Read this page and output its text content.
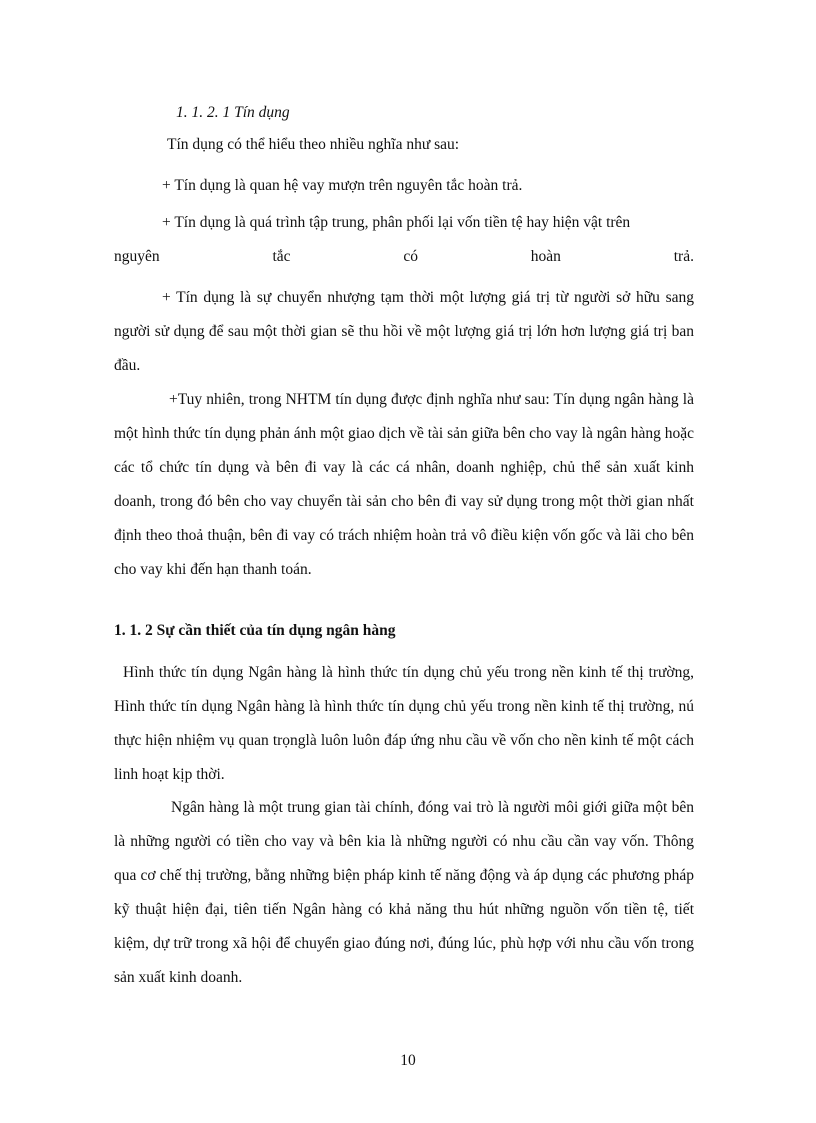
1. 1. 2. 1 Tín dụng

Tín dụng có thể hiểu theo nhiều nghĩa như sau:

+ Tín dụng là quan hệ vay mượn trên nguyên tắc hoàn trả.

+ Tín dụng là quá trình tập trung, phân phối lại vốn tiền tệ hay hiện vật trên
nguyên	tắc	có	hoàn	trả.

+ Tín dụng là sự chuyển nhượng tạm thời một lượng giá trị từ người sở hữu sang người sử dụng để sau một thời gian sẽ thu hồi về một lượng giá trị lớn hơn lượng giá trị ban đầu.

+Tuy nhiên, trong NHTM tín dụng được định nghĩa như sau: Tín dụng ngân hàng là một hình thức tín dụng phản ánh một giao dịch về tài sản giữa bên cho vay là ngân hàng hoặc các tổ chức tín dụng và bên đi vay là các cá nhân, doanh nghiệp, chủ thể sản xuất kinh doanh, trong đó bên cho vay chuyển tài sản cho bên đi vay sử dụng trong một thời gian nhất định theo thoả thuận, bên đi vay có trách nhiệm hoàn trả vô điều kiện vốn gốc và lãi cho bên cho vay khi đến hạn thanh toán.

1. 1. 2 Sự cần thiết của tín dụng ngân hàng

Hình thức tín dụng Ngân hàng là hình thức tín dụng chủ yếu trong nền kinh tế thị trường, Hình thức tín dụng Ngân hàng là hình thức tín dụng chủ yếu trong nền kinh tế thị trường, nú thực hiện nhiệm vụ quan trọnglà luôn luôn đáp ứng nhu cầu về vốn cho nền kinh tế một cách linh hoạt kịp thời.

Ngân hàng là một trung gian tài chính, đóng vai trò là người môi giới giữa một bên là những người có tiền cho vay và bên kia là những người có nhu cầu cần vay vốn. Thông qua cơ chế thị trường, bằng những biện pháp kinh tế năng động và áp dụng các phương pháp kỹ thuật hiện đại, tiên tiến Ngân hàng có khả năng thu hút những nguồn vốn tiền tệ, tiết kiệm, dự trữ trong xã hội để chuyển giao đúng nơi, đúng lúc, phù hợp với nhu cầu vốn trong sản xuất kinh doanh.

10
